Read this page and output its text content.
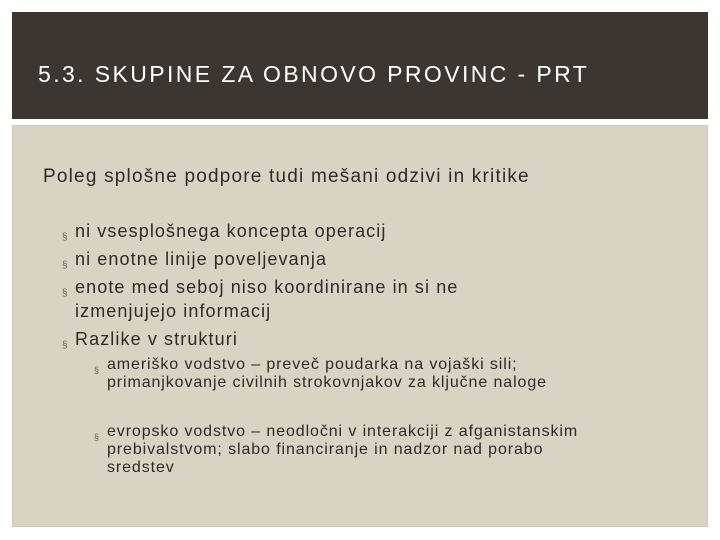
5.3. SKUPINE ZA OBNOVO PROVINC - PRT
Poleg splošne podpore tudi mešani odzivi in kritike
§ ni vsesplošnega koncepta operacij
§ ni enotne linije poveljevanja
§ enote med seboj niso koordinirane in si ne
izmenjujejo informacij
§ Razlike v strukturi
§ ameriško vodstvo – preveč poudarka na vojaški sili;
primanjkovanje civilnih strokovnjakov za ključne naloge
§ evropsko vodstvo – neodločni v interakciji z afganistanskim
prebivalstvom; slabo financiranje in nadzor nad porabo
sredstev
